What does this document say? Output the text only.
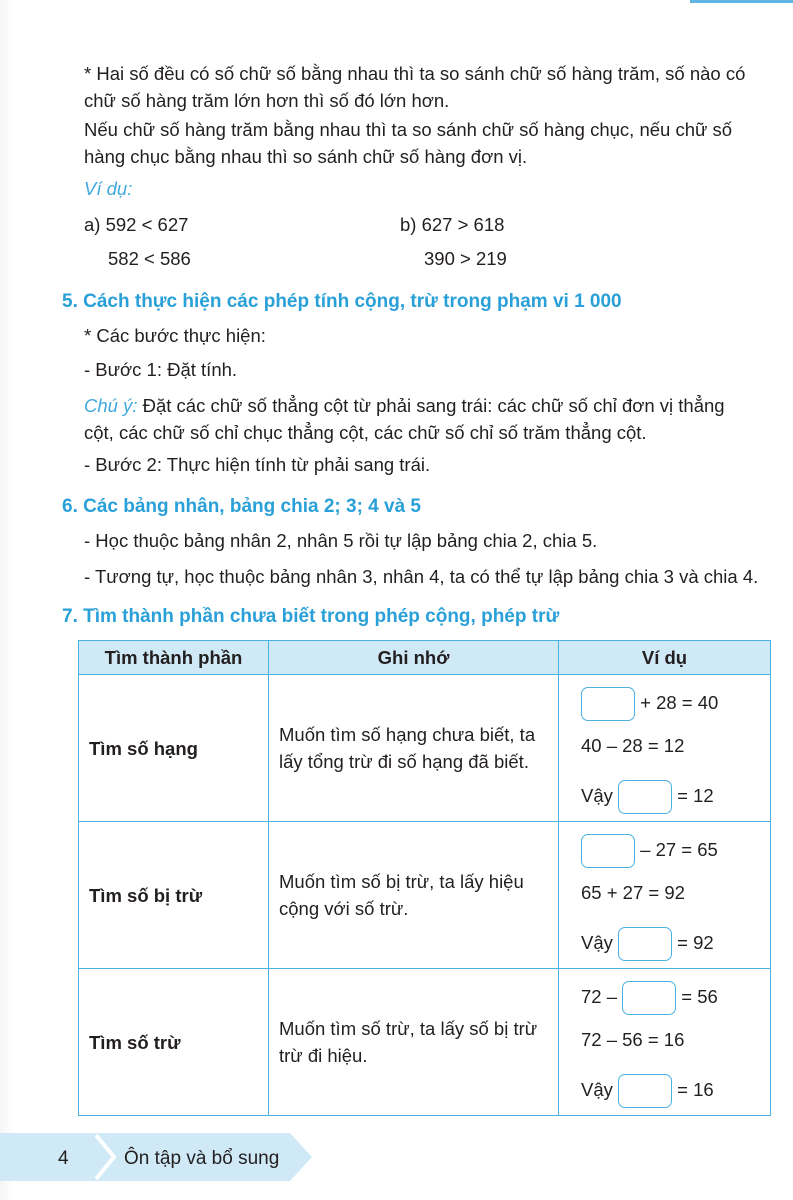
* Hai số đều có số chữ số bằng nhau thì ta so sánh chữ số hàng trăm, số nào có
chữ số hàng trăm lớn hơn thì số đó lớn hơn.
Nếu chữ số hàng trăm bằng nhau thì ta so sánh chữ số hàng chục, nếu chữ số
hàng chục bằng nhau thì so sánh chữ số hàng đơn vị.
Ví dụ:
a) 592 < 627
582 < 586
b) 627 > 618
390 > 219
5. Cách thực hiện các phép tính cộng, trừ trong phạm vi 1 000
* Các bước thực hiện:
- Bước 1: Đặt tính.
Chú ý: Đặt các chữ số thẳng cột từ phải sang trái: các chữ số chỉ đơn vị thẳng
cột, các chữ số chỉ chục thẳng cột, các chữ số chỉ số trăm thẳng cột.
- Bước 2: Thực hiện tính từ phải sang trái.
6. Các bảng nhân, bảng chia 2; 3; 4 và 5
- Học thuộc bảng nhân 2, nhân 5 rồi tự lập bảng chia 2, chia 5.
- Tương tự, học thuộc bảng nhân 3, nhân 4, ta có thể tự lập bảng chia 3 và chia 4.
7. Tìm thành phần chưa biết trong phép cộng, phép trừ
Tìm thành phần	Ghi nhớ	Ví dụ
Tìm số hạng	Muốn tìm số hạng chưa biết, ta lấy tổng trừ đi số hạng đã biết.	+ 28 = 40
40 – 28 = 12
Vậy = 12

Tìm số bị trừ	Muốn tìm số bị trừ, ta lấy hiệu cộng với số trừ.	– 27 = 65
65 + 27 = 92
Vậy = 92

Tìm số trừ	Muốn tìm số trừ, ta lấy số bị trừ trừ đi hiệu.	72 – = 56
72 – 56 = 16
Vậy = 16
4	Ôn tập và bổ sung
